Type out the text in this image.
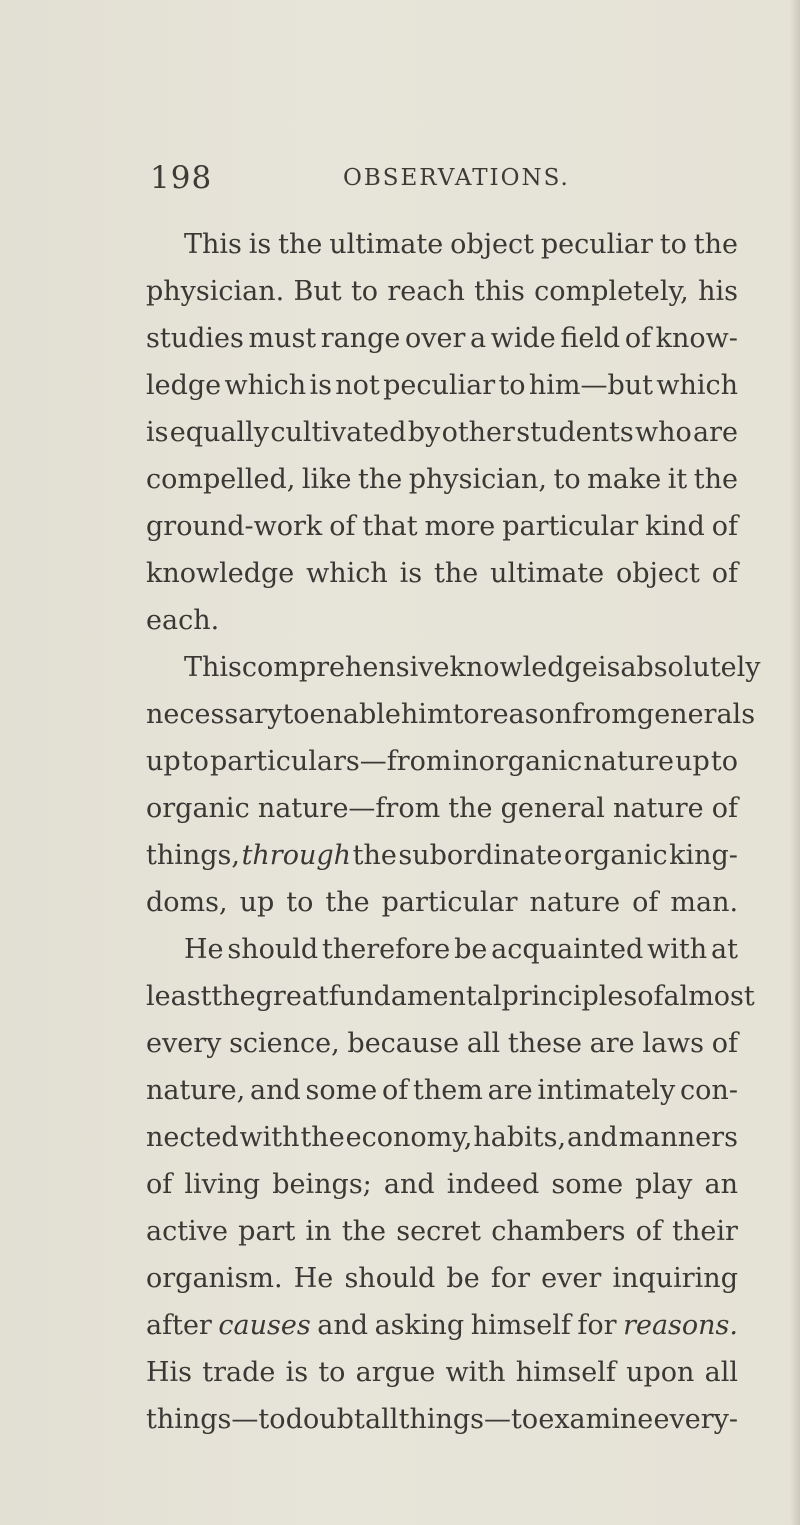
198	OBSERVATIONS.
This is the ultimate object peculiar to the
physician. But to reach this completely, his
studies must range over a wide field of know-
ledge which is not peculiar to him—but which
is equally cultivated by other students who are
compelled, like the physician, to make it the
ground-work of that more particular kind of
knowledge which is the ultimate object of
each.
This comprehensive knowledge is absolutely
necessary to enable him to reason from generals
up to particulars—from inorganic nature up to
organic nature—from the general nature of
things, through the subordinate organic king-
doms, up to the particular nature of man.
He should therefore be acquainted with at
least the great fundamental principles of almost
every science, because all these are laws of
nature, and some of them are intimately con-
nected with the economy, habits, and manners
of living beings; and indeed some play an
active part in the secret chambers of their
organism. He should be for ever inquiring
after causes and asking himself for reasons.
His trade is to argue with himself upon all
things—to doubt all things—to examine every-
